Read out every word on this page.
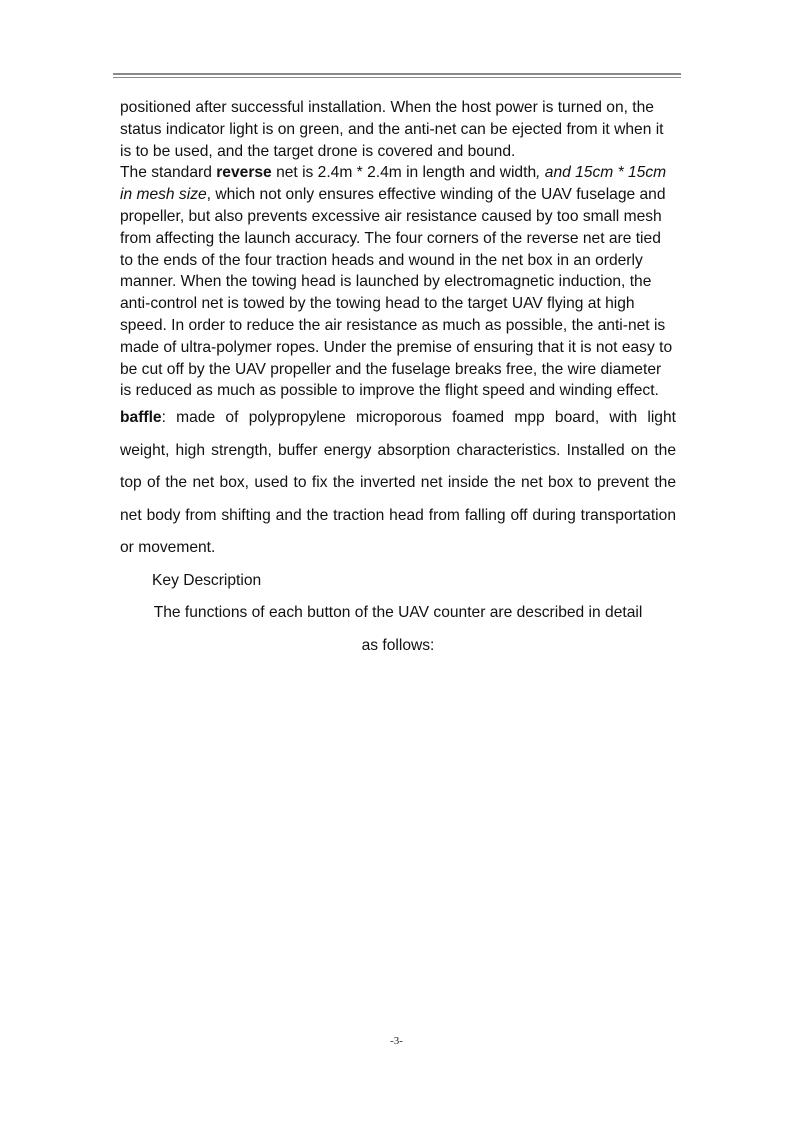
positioned after successful installation. When the host power is turned on, the status indicator light is on green, and the anti-net can be ejected from it when it is to be used, and the target drone is covered and bound.

The standard reverse net is 2.4m * 2.4m in length and width, and 15cm * 15cm in mesh size, which not only ensures effective winding of the UAV fuselage and propeller, but also prevents excessive air resistance caused by too small mesh from affecting the launch accuracy. The four corners of the reverse net are tied to the ends of the four traction heads and wound in the net box in an orderly manner. When the towing head is launched by electromagnetic induction, the anti-control net is towed by the towing head to the target UAV flying at high speed. In order to reduce the air resistance as much as possible, the anti-net is made of ultra-polymer ropes. Under the premise of ensuring that it is not easy to be cut off by the UAV propeller and the fuselage breaks free, the wire diameter is reduced as much as possible to improve the flight speed and winding effect.

baffle: made of polypropylene microporous foamed mpp board, with light weight, high strength, buffer energy absorption characteristics. Installed on the top of the net box, used to fix the inverted net inside the net box to prevent the net body from shifting and the traction head from falling off during transportation or movement.

Key Description

The functions of each button of the UAV counter are described in detail

as follows:

-3-
